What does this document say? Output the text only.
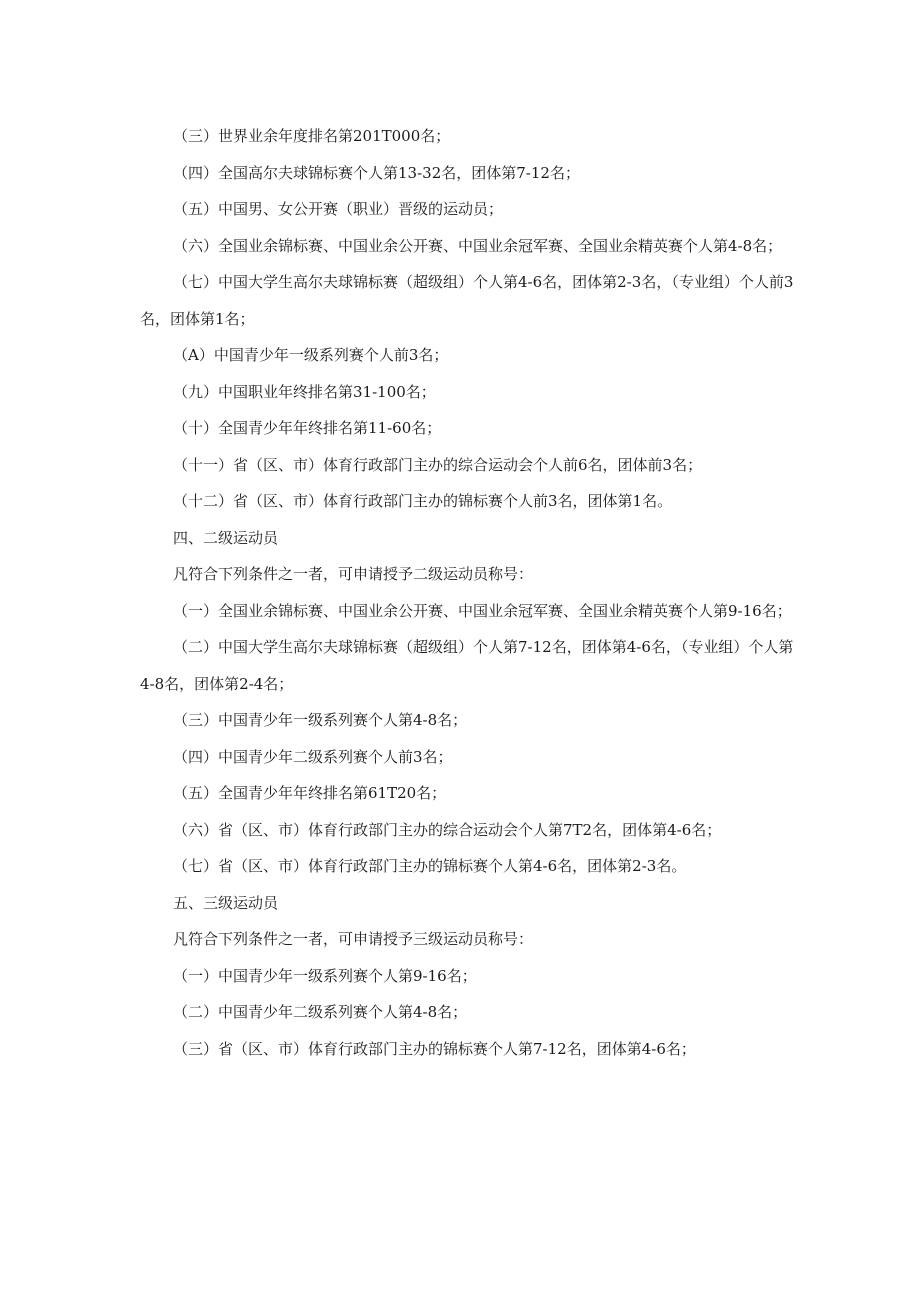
（三）世界业余年度排名第201T000名；

（四）全国高尔夫球锦标赛个人第13-32名，团体第7-12名；

（五）中国男、女公开赛（职业）晋级的运动员；

（六）全国业余锦标赛、中国业余公开赛、中国业余冠军赛、全国业余精英赛个人第4-8名；

（七）中国大学生高尔夫球锦标赛（超级组）个人第4-6名，团体第2-3名，（专业组）个人前3名，团体第1名；

（A）中国青少年一级系列赛个人前3名；

（九）中国职业年终排名第31-100名；

（十）全国青少年年终排名第11-60名；

（十一）省（区、市）体育行政部门主办的综合运动会个人前6名，团体前3名；

（十二）省（区、市）体育行政部门主办的锦标赛个人前3名，团体第1名。

四、二级运动员

凡符合下列条件之一者，可申请授予二级运动员称号：

（一）全国业余锦标赛、中国业余公开赛、中国业余冠军赛、全国业余精英赛个人第9-16名；

（二）中国大学生高尔夫球锦标赛（超级组）个人第7-12名，团体第4-6名，（专业组）个人第4-8名，团体第2-4名；

（三）中国青少年一级系列赛个人第4-8名；

（四）中国青少年二级系列赛个人前3名；

（五）全国青少年年终排名第61T20名；

（六）省（区、市）体育行政部门主办的综合运动会个人第7T2名，团体第4-6名；

（七）省（区、市）体育行政部门主办的锦标赛个人第4-6名，团体第2-3名。

五、三级运动员

凡符合下列条件之一者，可申请授予三级运动员称号：

（一）中国青少年一级系列赛个人第9-16名；

（二）中国青少年二级系列赛个人第4-8名；

（三）省（区、市）体育行政部门主办的锦标赛个人第7-12名，团体第4-6名；
